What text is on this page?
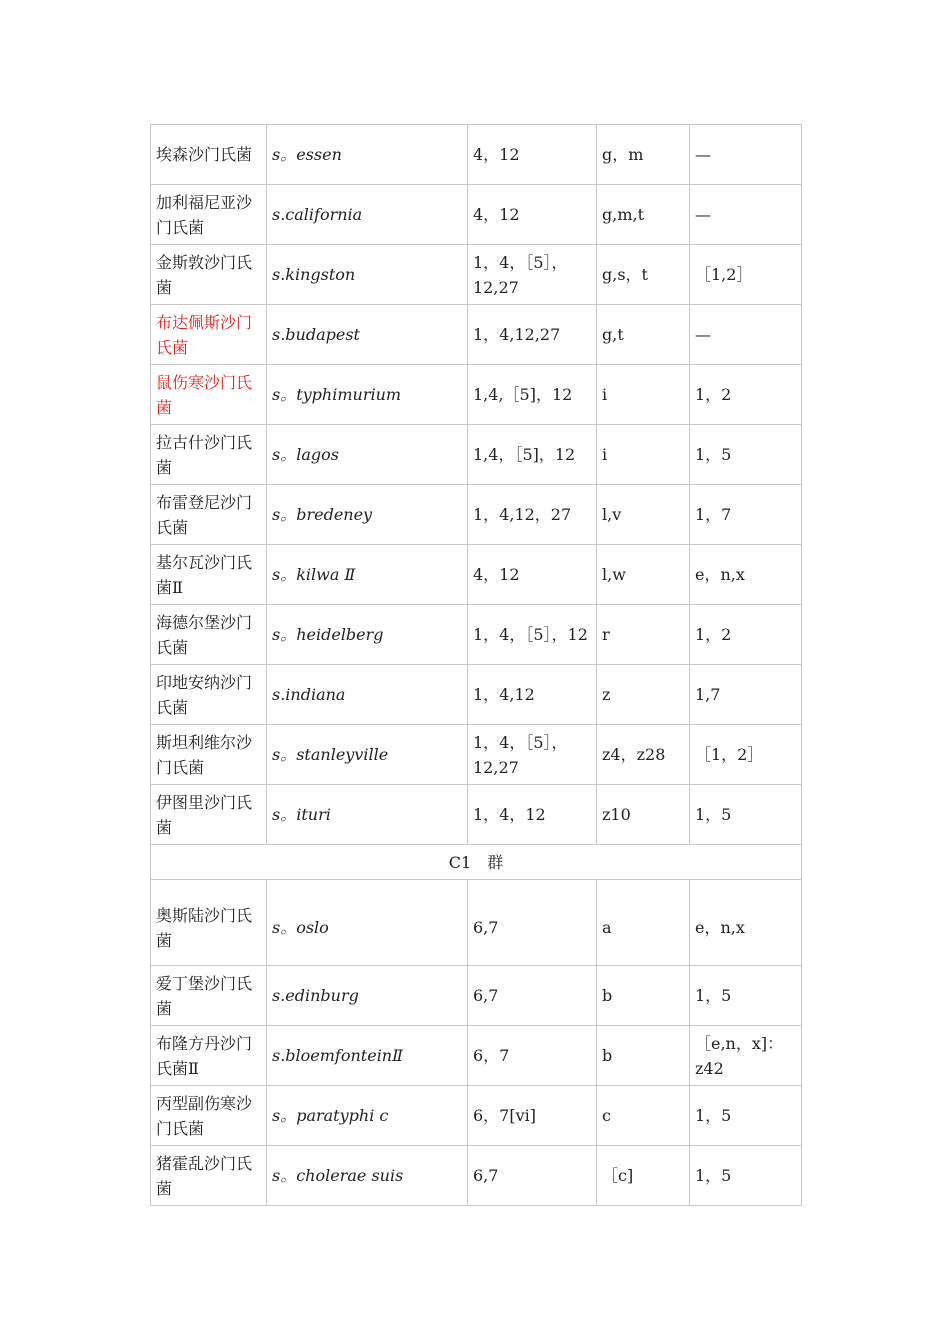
埃森沙门氏菌	s。essen	4，12	g，m	—
加利福尼亚沙门氏菌	s.california	4，12	g,m,t	—
金斯敦沙门氏菌	s.kingston	1，4，［5］，12,27	g,s，t	［1,2］
布达佩斯沙门氏菌	s.budapest	1，4,12,27	g,t	—
鼠伤寒沙门氏菌	s。typhimurium	1,4,［5]，12	i	1，2
拉古什沙门氏菌	s。lagos	1,4，［5]，12	i	1，5
布雷登尼沙门氏菌	s。bredeney	1，4,12，27	l,v	1，7
基尔瓦沙门氏菌Ⅱ	s。kilwa Ⅱ	4，12	l,w	e，n,x
海德尔堡沙门氏菌	s。heidelberg	1，4，［5］，12	r	1，2
印地安纳沙门氏菌	s.indiana	1，4,12	z	1,7
斯坦利维尔沙门氏菌	s。stanleyville	1，4，［5］，12,27	z4，z28	［1，2］
伊图里沙门氏菌	s。ituri	1，4，12	z10	1，5
C1　群				
奥斯陆沙门氏菌	s。oslo	6,7	a	e，n,x
爱丁堡沙门氏菌	s.edinburg	6,7	b	1，5
布隆方丹沙门氏菌Ⅱ	s.bloemfonteinⅡ	6，7	b	［e,n，x]：z42
丙型副伤寒沙门氏菌	s。paratyphi c	6，7[vi]	c	1，5
猪霍乱沙门氏菌	s。cholerae suis	6,7	［c]	1，5
